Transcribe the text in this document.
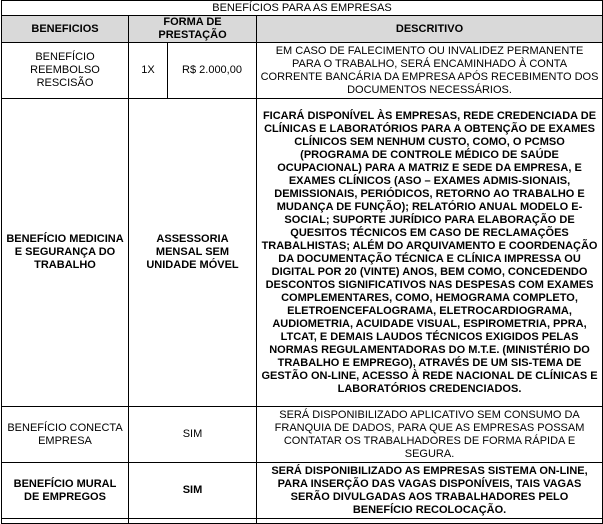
BENEFÍCIOS PARA AS EMPRESAS			
BENEFICIOS	FORMA DE PRESTAÇÃO		DESCRITIVO
BENEFÍCIO REEMBOLSO RESCISÃO	1X	R$ 2.000,00	EM CASO DE FALECIMENTO OU INVALIDEZ PERMANENTE PARA O TRABALHO, SERÁ ENCAMINHADO À CONTA CORRENTE BANCÁRIA DA EMPRESA APÓS RECEBIMENTO DOS DOCUMENTOS NECESSÁRIOS.
BENEFÍCIO MEDICINA E SEGURANÇA DO TRABALHO	ASSESSORIA MENSAL SEM UNIDADE MÓVEL		FICARÁ DISPONÍVEL ÀS EMPRESAS, REDE CREDENCIADA DE CLÍNICAS E LABORATÓRIOS PARA A OBTENÇÃO DE EXAMES CLÍNICOS SEM NENHUM CUSTO, COMO, O PCMSO (PROGRAMA DE CONTROLE MÉDICO DE SAÚDE OCUPACIONAL) PARA A MATRIZ E SEDE DA EMPRESA, E EXAMES CLÍNICOS (ASO – EXAMES ADMIS-SIONAIS, DEMISSIONAIS, PERIÓDICOS, RETORNO AO TRABALHO E MUDANÇA DE FUNÇÃO); RELATÓRIO ANUAL MODELO E-SOCIAL; SUPORTE JURÍDICO PARA ELABORAÇÃO DE QUESITOS TÉCNICOS EM CASO DE RECLAMAÇÕES TRABALHISTAS; ALÉM DO ARQUIVAMENTO E COORDENAÇÃO DA DOCUMENTAÇÃO TÉCNICA E CLÍNICA IMPRESSA OU DIGITAL POR 20 (VINTE) ANOS, BEM COMO, CONCEDENDO DESCONTOS SIGNIFICATIVOS NAS DESPESAS COM EXAMES COMPLEMENTARES, COMO, HEMOGRAMA COMPLETO, ELETROENCEFALOGRAMA, ELETROCARDIOGRAMA, AUDIOMETRIA, ACUIDADE VISUAL, ESPIROMETRIA, PPRA, LTCAT, E DEMAIS LAUDOS TÉCNICOS EXIGIDOS PELAS NORMAS REGULAMENTADORAS DO M.T.E. (MINISTÉRIO DO TRABALHO E EMPREGO), ATRAVÉS DE UM SIS-TEMA DE GESTÃO ON-LINE, ACESSO À REDE NACIONAL DE CLÍNICAS E LABORATÓRIOS CREDENCIADOS.
BENEFÍCIO CONECTA EMPRESA	SIM		SERÁ DISPONIBILIZADO APLICATIVO SEM CONSUMO DA FRANQUIA DE DADOS, PARA QUE AS EMPRESAS POSSAM CONTATAR OS TRABALHADORES DE FORMA RÁPIDA E SEGURA.
BENEFÍCIO MURAL DE EMPREGOS	SIM		SERÁ DISPONIBILIZADO AS EMPRESAS SISTEMA ON-LINE, PARA INSERÇÃO DAS VAGAS DISPONÍVEIS, TAIS VAGAS SERÃO DIVULGADAS AOS TRABALHADORES PELO BENEFÍCIO RECOLOCAÇÃO.
